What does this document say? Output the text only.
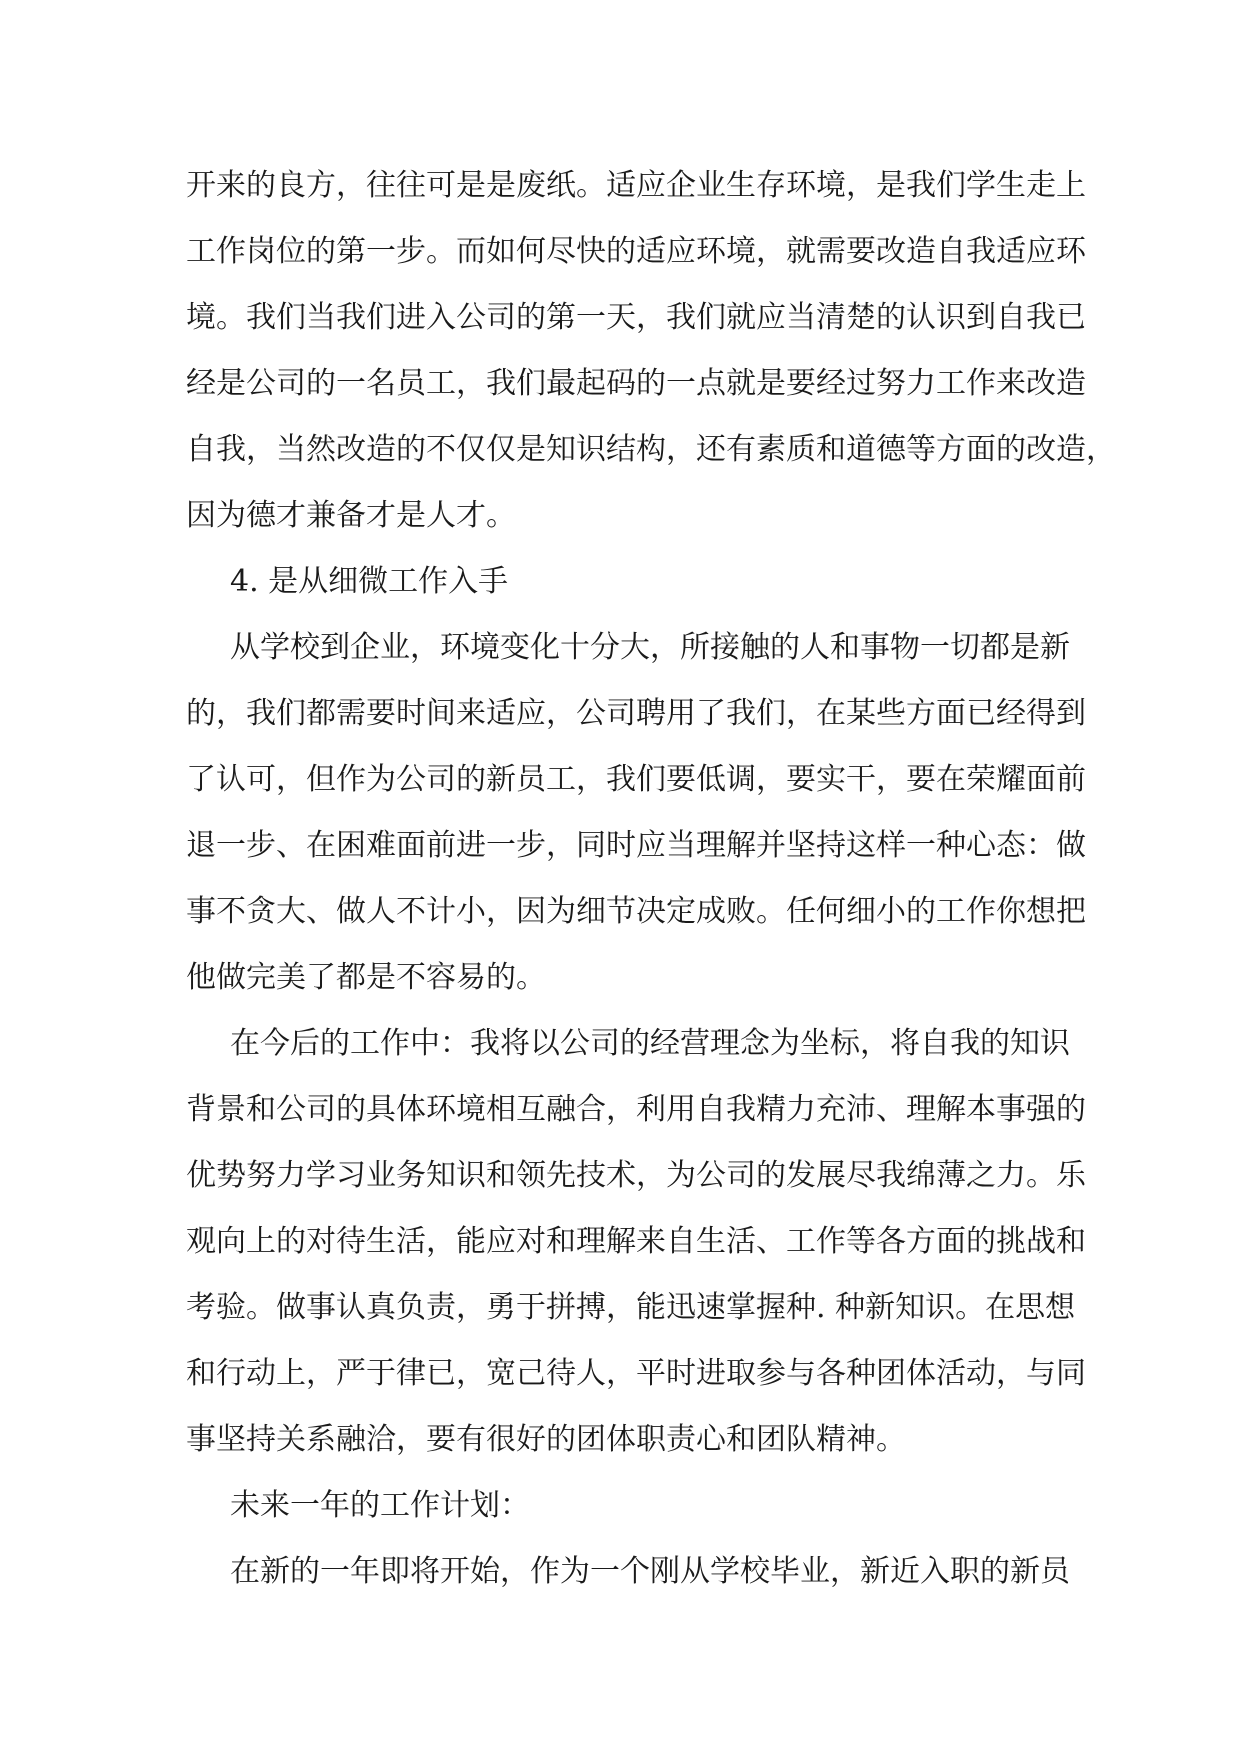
开来的良方，往往可是是废纸。适应企业生存环境，是我们学生走上
工作岗位的第一步。而如何尽快的适应环境，就需要改造自我适应环
境。我们当我们进入公司的第一天，我们就应当清楚的认识到自我已
经是公司的一名员工，我们最起码的一点就是要经过努力工作来改造
自我，当然改造的不仅仅是知识结构，还有素质和道德等方面的改造，
因为德才兼备才是人才。
4. 是从细微工作入手
从学校到企业，环境变化十分大，所接触的人和事物一切都是新
的，我们都需要时间来适应，公司聘用了我们，在某些方面已经得到
了认可，但作为公司的新员工，我们要低调，要实干，要在荣耀面前
退一步、在困难面前进一步，同时应当理解并坚持这样一种心态：做
事不贪大、做人不计小，因为细节决定成败。任何细小的工作你想把
他做完美了都是不容易的。
在今后的工作中：我将以公司的经营理念为坐标，将自我的知识
背景和公司的具体环境相互融合，利用自我精力充沛、理解本事强的
优势努力学习业务知识和领先技术，为公司的发展尽我绵薄之力。乐
观向上的对待生活，能应对和理解来自生活、工作等各方面的挑战和
考验。做事认真负责，勇于拼搏，能迅速掌握种. 种新知识。在思想
和行动上，严于律已，宽己待人，平时进取参与各种团体活动，与同
事坚持关系融洽，要有很好的团体职责心和团队精神。
未来一年的工作计划：
在新的一年即将开始，作为一个刚从学校毕业，新近入职的新员
